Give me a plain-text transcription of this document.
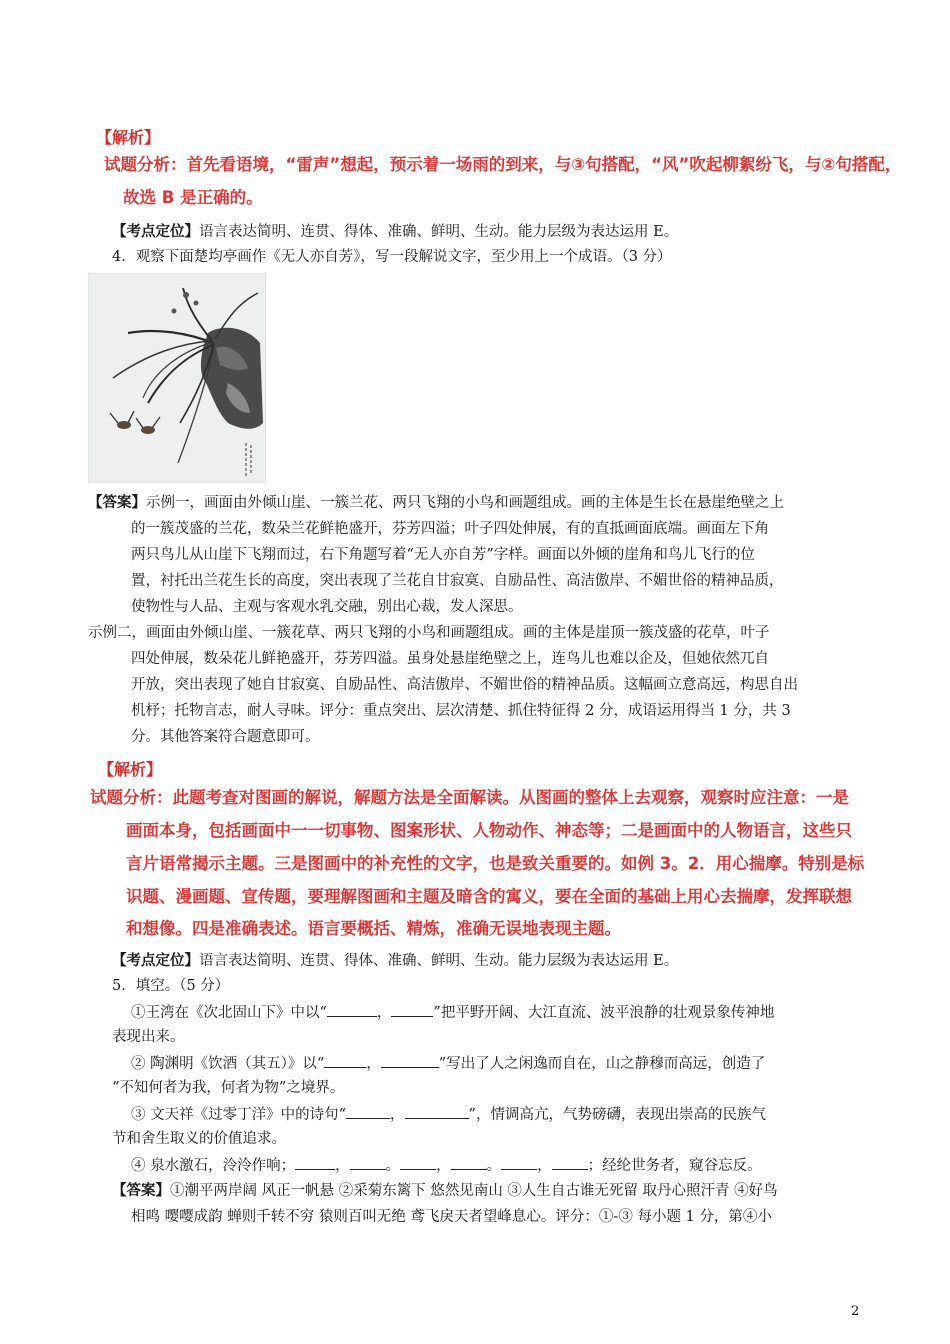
【解析】
试题分析：首先看语境，“雷声”想起，预示着一场雨的到来，与③句搭配，“风”吹起柳絮纷飞，与②句搭配，
故选 B 是正确的。
【考点定位】语言表达简明、连贯、得体、准确、鲜明、生动。能力层级为表达运用 E。
4．观察下面楚均亭画作《无人亦自芳》，写一段解说文字，至少用上一个成语。（3 分）
【答案】示例一，画面由外倾山崖、一簇兰花、两只飞翔的小鸟和画题组成。画的主体是生长在悬崖绝壁之上
的一簇茂盛的兰花，数朵兰花鲜艳盛开，芬芳四溢；叶子四处伸展，有的直抵画面底端。画面左下角
两只鸟儿从山崖下飞翔而过，右下角题写着“无人亦自芳”字样。画面以外倾的崖角和鸟儿飞行的位
置，衬托出兰花生长的高度，突出表现了兰花自甘寂寞、自励品性、高洁傲岸、不媚世俗的精神品质，
使物性与人品、主观与客观水乳交融，别出心裁，发人深思。
示例二，画面由外倾山崖、一簇花草、两只飞翔的小鸟和画题组成。画的主体是崖顶一簇茂盛的花草，叶子
四处伸展，数朵花儿鲜艳盛开，芬芳四溢。虽身处悬崖绝壁之上，连鸟儿也难以企及，但她依然兀自
开放，突出表现了她自甘寂寞、自励品性、高洁傲岸、不媚世俗的精神品质。这幅画立意高远，构思自出
机杼；托物言志，耐人寻味。评分：重点突出、层次清楚、抓住特征得 2 分，成语运用得当 1 分，共 3
分。其他答案符合题意即可。
【解析】
试题分析：此题考查对图画的解说，解题方法是全面解读。从图画的整体上去观察，观察时应注意：一是
画面本身，包括画面中一一切事物、图案形状、人物动作、神态等；二是画面中的人物语言，这些只
言片语常揭示主题。三是图画中的补充性的文字，也是致关重要的。如例 3。2．用心揣摩。特别是标
识题、漫画题、宣传题，要理解图画和主题及暗含的寓义，要在全面的基础上用心去揣摩，发挥联想
和想像。四是准确表述。语言要概括、精炼，准确无误地表现主题。
【考点定位】语言表达简明、连贯、得体、准确、鲜明、生动。能力层级为表达运用 E。
5．填空。（5 分）
①王湾在《次北固山下》中以“	，	”把平野开阔、大江直流、波平浪静的壮观景象传神地
表现出来。
② 陶渊明《饮酒（其五）》以“	，	”写出了人之闲逸而自在，山之静穆而高远，创造了
“不知何者为我，何者为物”之境界。
③ 文天祥《过零丁洋》中的诗句“	，	”，情调高亢，气势磅礴，表现出崇高的民族气
节和舍生取义的价值追求。
④ 泉水激石，泠泠作响；	， 。 ， 。 ， ；经纶世务者，窥谷忘反。
【答案】①潮平两岸阔 风正一帆悬 ②采菊东篱下 悠然见南山 ③人生自古谁无死留 取丹心照汗青 ④好鸟
相鸣 嘤嘤成韵 蝉则千转不穷 猿则百叫无绝 鸢飞戾天者望峰息心。评分：①-③ 每小题 1 分，第④小
2
